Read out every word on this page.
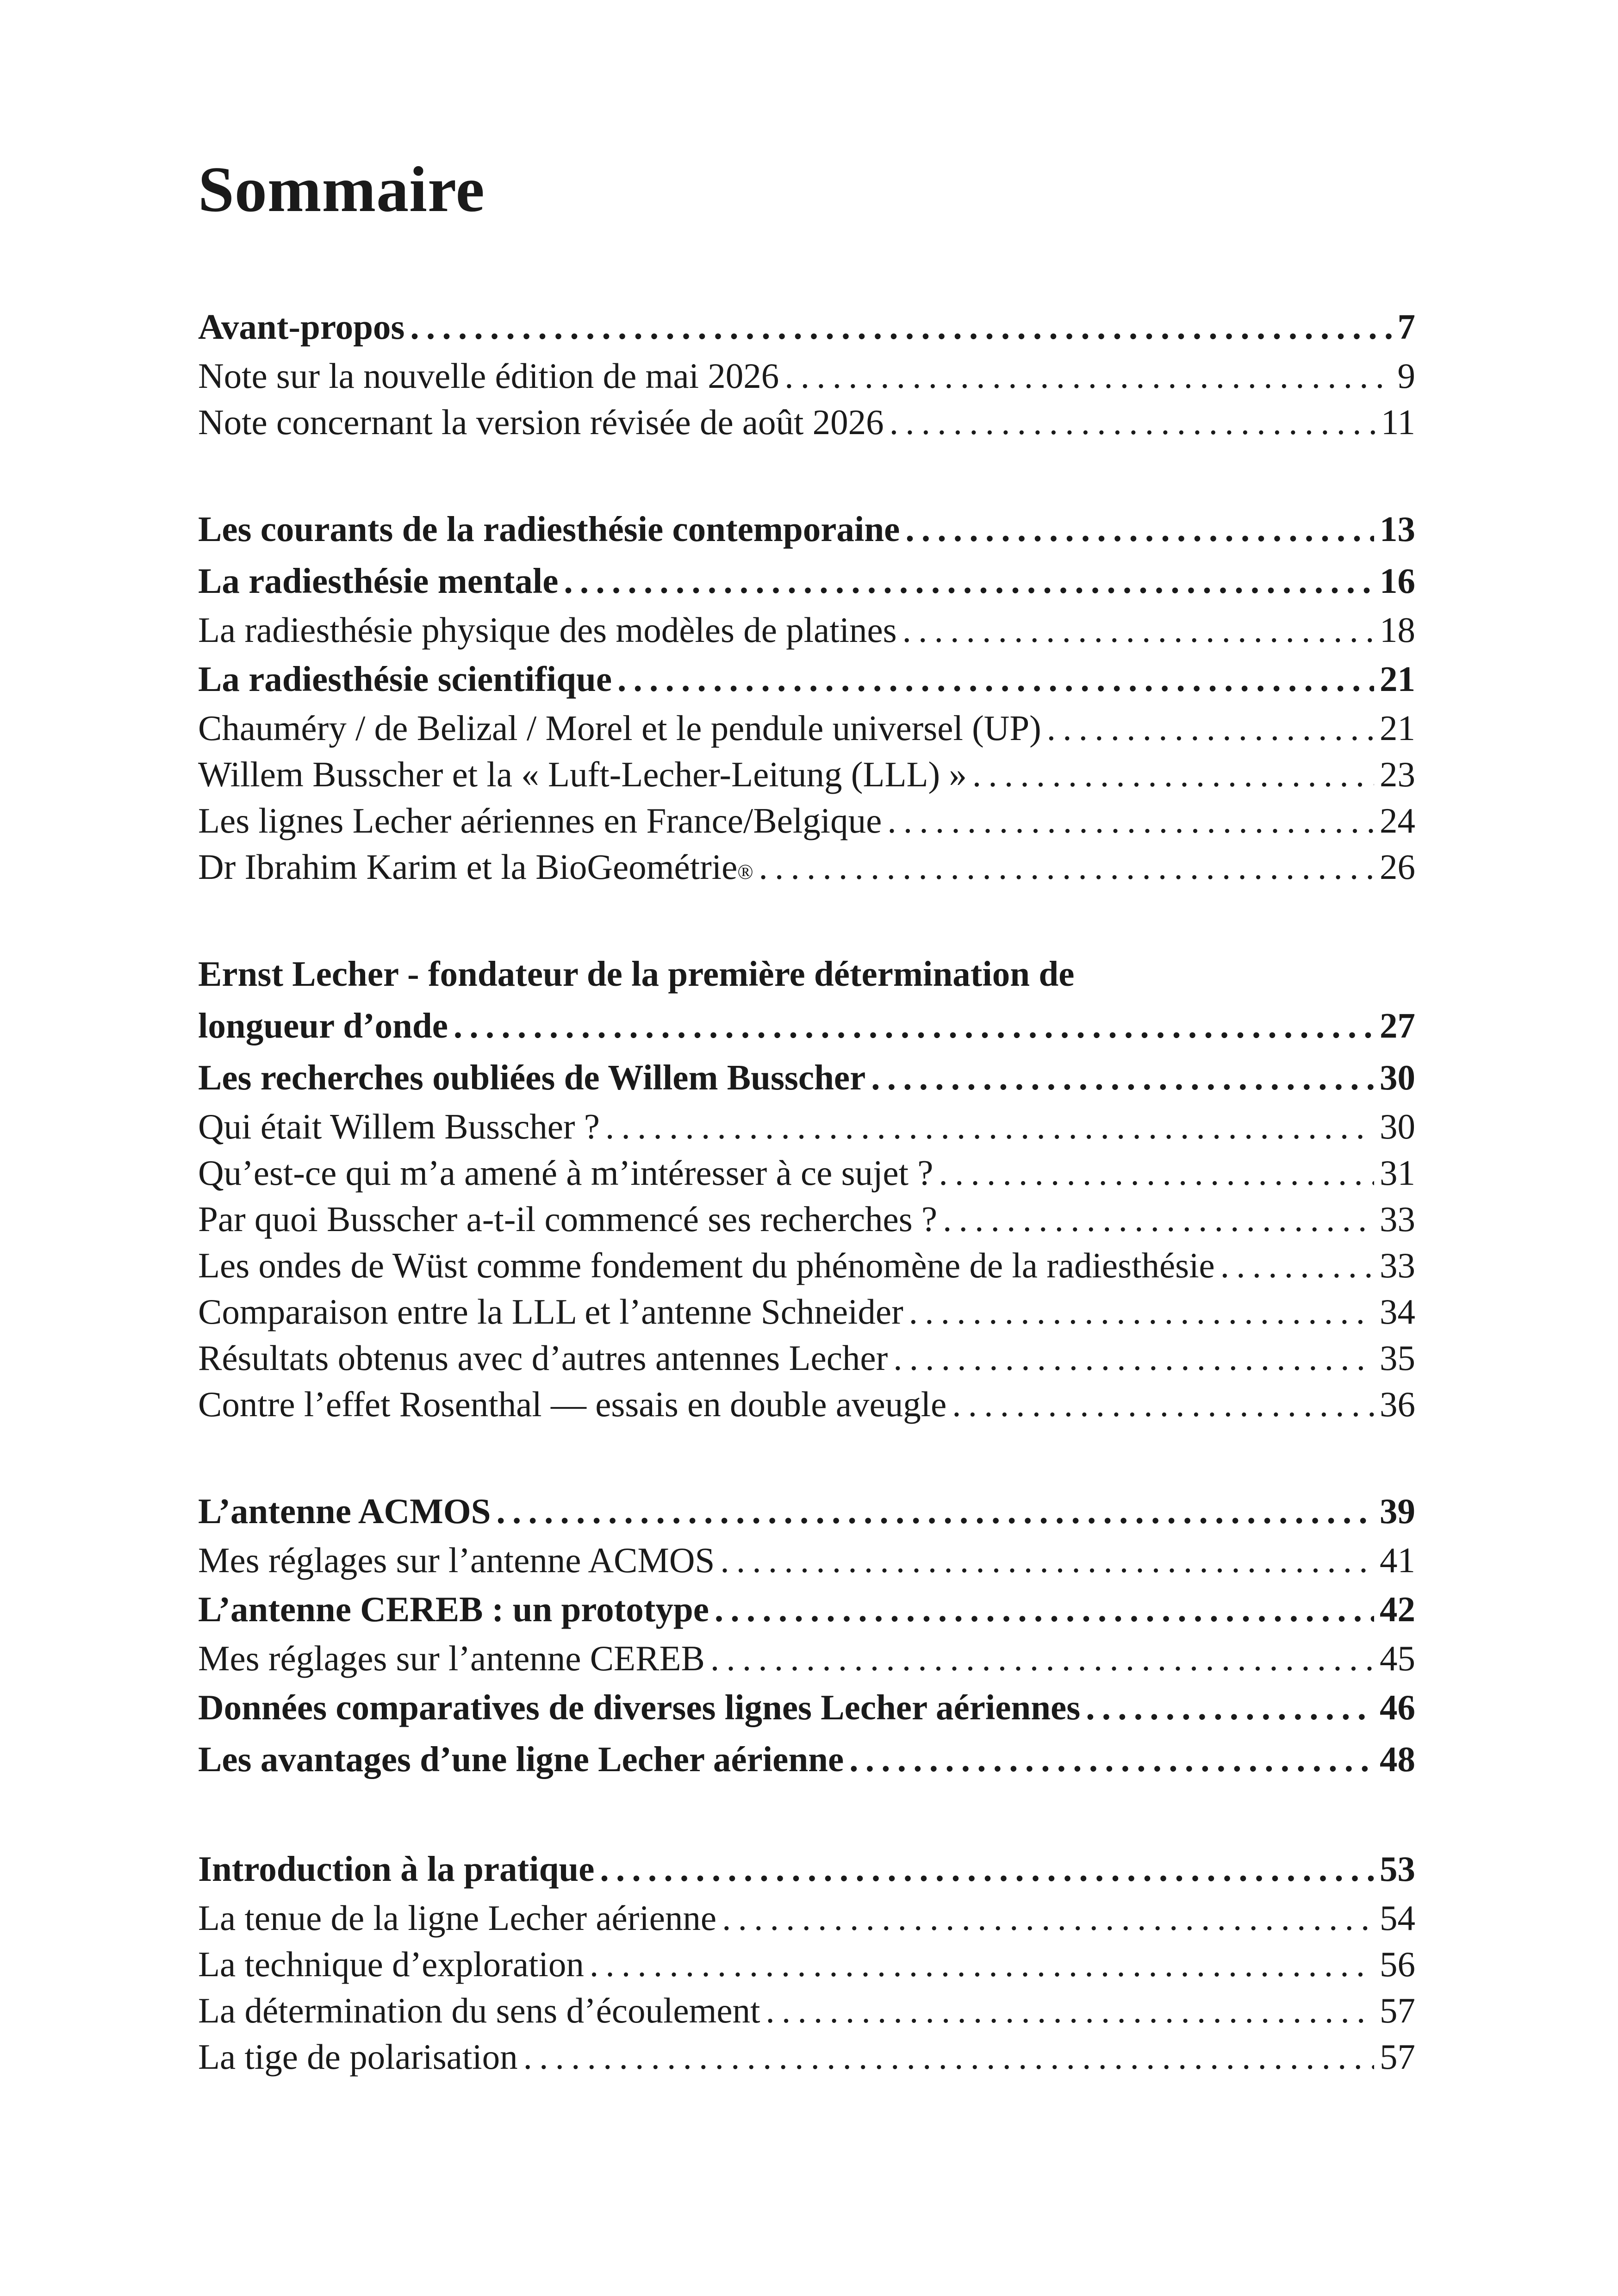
Sommaire
Avant-propos . . .	7
Note sur la nouvelle édition de mai 2026 . . .	9
Note concernant la version révisée de août 2026 . . .	11
Les courants de la radiesthésie contemporaine . . .	13
La radiesthésie mentale . . .	16
La radiesthésie physique des modèles de platines . . .	18
La radiesthésie scientifique . . .	21
Chauméry / de Belizal / Morel et le pendule universel (UP) . . .	21
Willem Busscher et la « Luft-Lecher-Leitung (LLL) » . . .	23
Les lignes Lecher aériennes en France/Belgique . . .	24
Dr Ibrahim Karim et la BioGeométrie ® . . .	26
Ernst Lecher - fondateur de la première détermination de
longueur d’onde . . .	27
Les recherches oubliées de Willem Busscher . . .	30
Qui était Willem Busscher ? . . .	30
Qu’est-ce qui m’a amené à m’intéresser à ce sujet ? . . .	31
Par quoi Busscher a-t-il commencé ses recherches ? . . .	33
Les ondes de Wüst comme fondement du phénomène de la radiesthésie . . .	33
Comparaison entre la LLL et l’antenne Schneider . . .	34
Résultats obtenus avec d’autres antennes Lecher . . .	35
Contre l’effet Rosenthal — essais en double aveugle . . .	36
L’antenne ACMOS . . .	39
Mes réglages sur l’antenne ACMOS . . .	41
L’antenne CEREB : un prototype . . .	42
Mes réglages sur l’antenne CEREB . . .	45
Données comparatives de diverses lignes Lecher aériennes . . .	46
Les avantages d’une ligne Lecher aérienne . . .	48
Introduction à la pratique . . .	53
La tenue de la ligne Lecher aérienne . . .	54
La technique d’exploration . . .	56
La détermination du sens d’écoulement . . .	57
La tige de polarisation . . .	57
